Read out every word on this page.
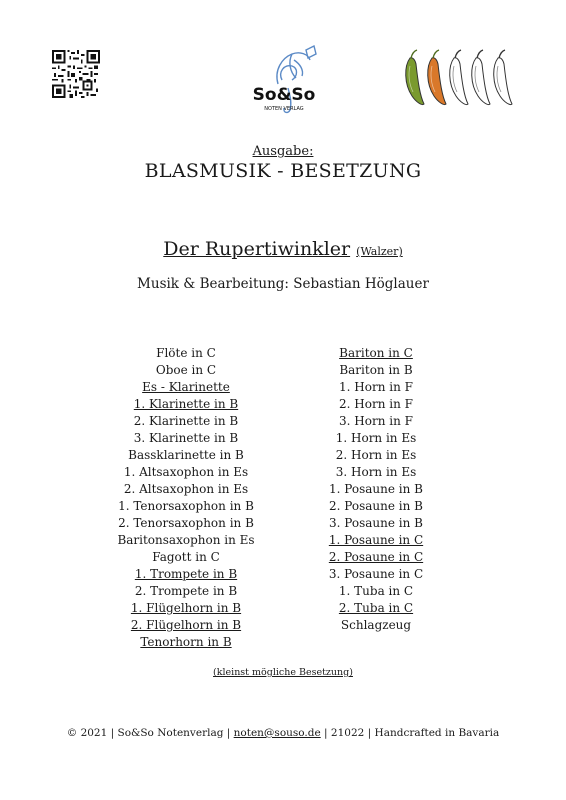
So&So
NOTEN VERLAG
Ausgabe:
BLASMUSIK - BESETZUNG
Der Rupertiwinkler (Walzer)
Musik & Bearbeitung: Sebastian Höglauer
Flöte in C
Oboe in C
Es - Klarinette
1. Klarinette in B
2. Klarinette in B
3. Klarinette in B
Bassklarinette in B
1. Altsaxophon in Es
2. Altsaxophon in Es
1. Tenorsaxophon in B
2. Tenorsaxophon in B
Baritonsaxophon in Es
Fagott in C
1. Trompete in B
2. Trompete in B
1. Flügelhorn in B
2. Flügelhorn in B
Tenorhorn in B
Bariton in C
Bariton in B
1. Horn in F
2. Horn in F
3. Horn in F
1. Horn in Es
2. Horn in Es
3. Horn in Es
1. Posaune in B
2. Posaune in B
3. Posaune in B
1. Posaune in C
2. Posaune in C
3. Posaune in C
1. Tuba in C
2. Tuba in C
Schlagzeug
(kleinst mögliche Besetzung)
© 2021 | So&So Notenverlag | noten@souso.de | 21022 | Handcrafted in Bavaria
